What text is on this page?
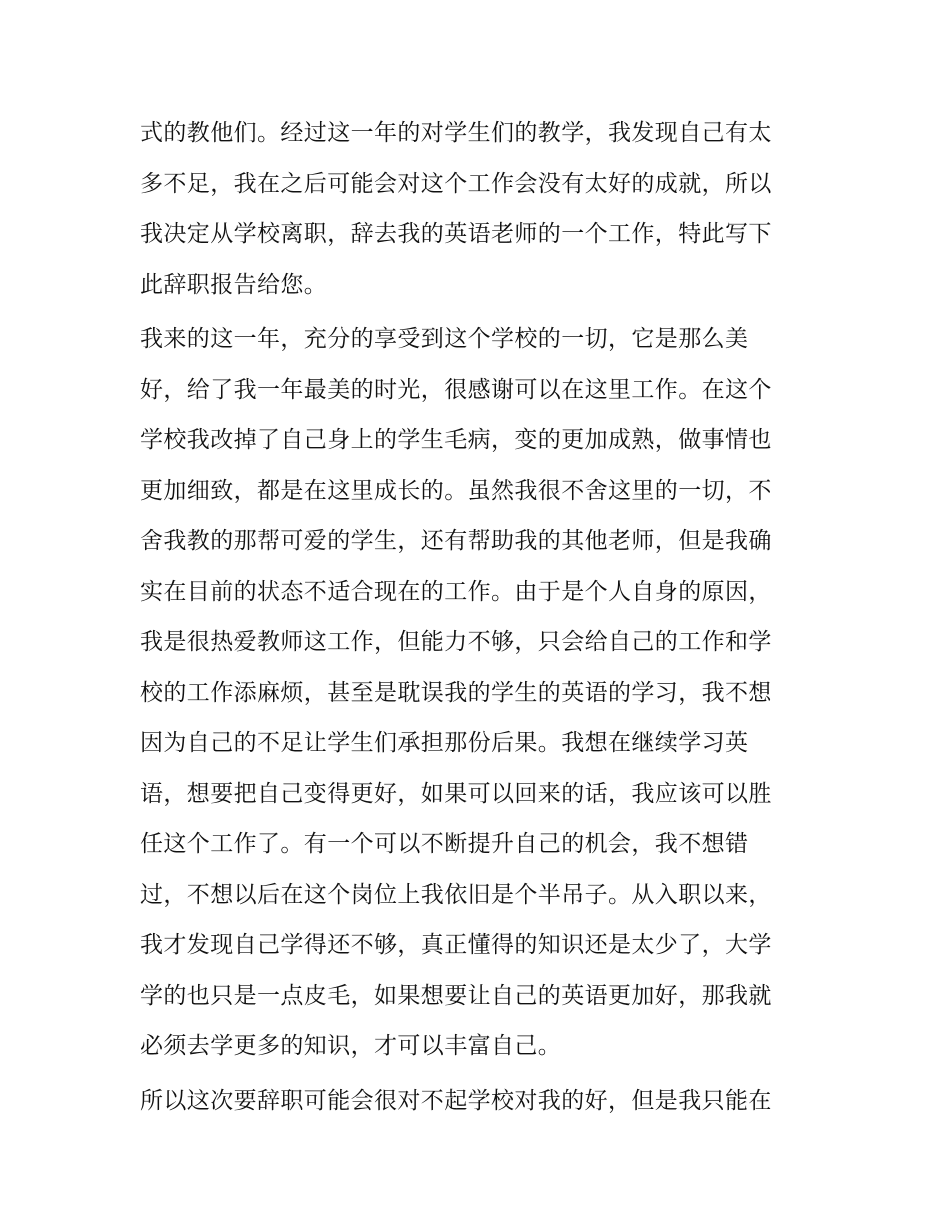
式的教他们。经过这一年的对学生们的教学，我发现自己有太
多不足，我在之后可能会对这个工作会没有太好的成就，所以
我决定从学校离职，辞去我的英语老师的一个工作，特此写下
此辞职报告给您。
我来的这一年，充分的享受到这个学校的一切，它是那么美
好，给了我一年最美的时光，很感谢可以在这里工作。在这个
学校我改掉了自己身上的学生毛病，变的更加成熟，做事情也
更加细致，都是在这里成长的。虽然我很不舍这里的一切，不
舍我教的那帮可爱的学生，还有帮助我的其他老师，但是我确
实在目前的状态不适合现在的工作。由于是个人自身的原因，
我是很热爱教师这工作，但能力不够，只会给自己的工作和学
校的工作添麻烦，甚至是耽误我的学生的英语的学习，我不想
因为自己的不足让学生们承担那份后果。我想在继续学习英
语，想要把自己变得更好，如果可以回来的话，我应该可以胜
任这个工作了。有一个可以不断提升自己的机会，我不想错
过，不想以后在这个岗位上我依旧是个半吊子。从入职以来，
我才发现自己学得还不够，真正懂得的知识还是太少了，大学
学的也只是一点皮毛，如果想要让自己的英语更加好，那我就
必须去学更多的知识，才可以丰富自己。
所以这次要辞职可能会很对不起学校对我的好，但是我只能在
